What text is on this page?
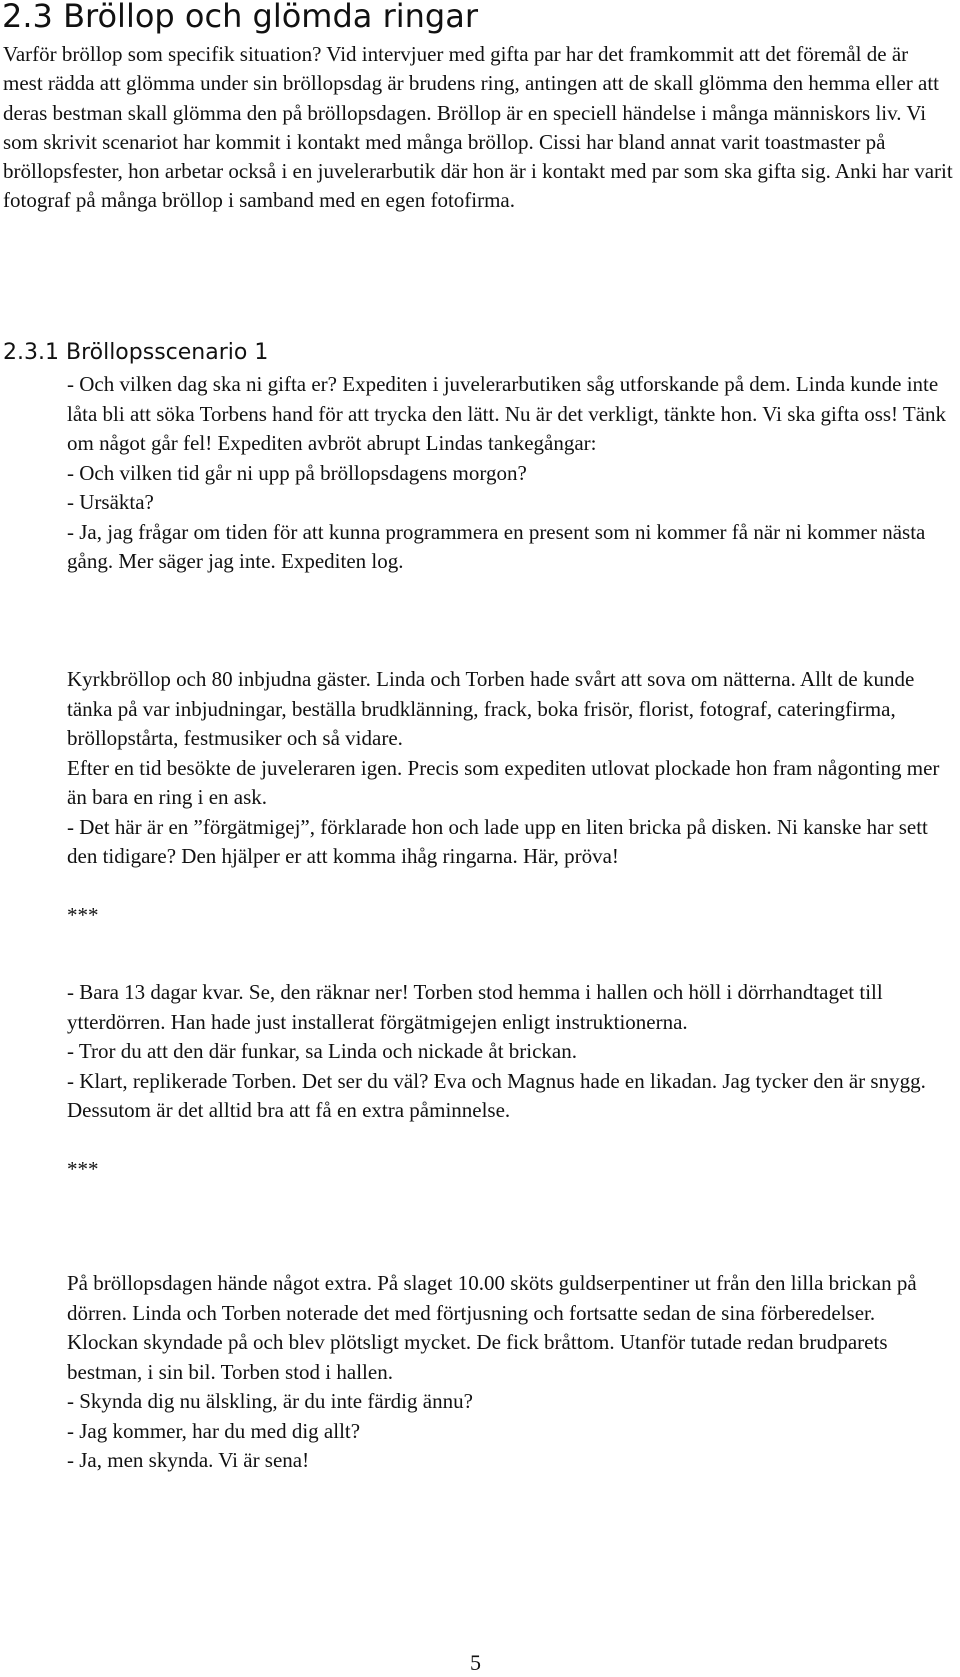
2.3 Bröllop och glömda ringar

Varför bröllop som specifik situation? Vid intervjuer med gifta par har det framkommit att det föremål de är mest rädda att glömma under sin bröllopsdag är brudens ring, antingen att de skall glömma den hemma eller att deras bestman skall glömma den på bröllopsdagen. Bröllop är en speciell händelse i många människors liv. Vi som skrivit scenariot har kommit i kontakt med många bröllop. Cissi har bland annat varit toastmaster på bröllopsfester, hon arbetar också i en juvelerarbutik där hon är i kontakt med par som ska gifta sig. Anki har varit fotograf på många bröllop i samband med en egen fotofirma.

2.3.1 Bröllopsscenario 1

- Och vilken dag ska ni gifta er? Expediten i juvelerarbutiken såg utforskande på dem. Linda kunde inte låta bli att söka Torbens hand för att trycka den lätt. Nu är det verkligt, tänkte hon. Vi ska gifta oss! Tänk om något går fel! Expediten avbröt abrupt Lindas tankegångar:

- Och vilken tid går ni upp på bröllopsdagens morgon?

- Ursäkta?

- Ja, jag frågar om tiden för att kunna programmera en present som ni kommer få när ni kommer nästa gång. Mer säger jag inte. Expediten log.

Kyrkbröllop och 80 inbjudna gäster. Linda och Torben hade svårt att sova om nätterna. Allt de kunde tänka på var inbjudningar, beställa brudklänning, frack, boka frisör, florist, fotograf, cateringfirma, bröllopstårta, festmusiker och så vidare.

Efter en tid besökte de juveleraren igen. Precis som expediten utlovat plockade hon fram någonting mer än bara en ring i en ask.

- Det här är en ”förgätmigej”, förklarade hon och lade upp en liten bricka på disken. Ni kanske har sett den tidigare? Den hjälper er att komma ihåg ringarna. Här, pröva!

***

- Bara 13 dagar kvar. Se, den räknar ner! Torben stod hemma i hallen och höll i dörrhandtaget till ytterdörren. Han hade just installerat förgätmigejen enligt instruktionerna.

- Tror du att den där funkar, sa Linda och nickade åt brickan.

- Klart, replikerade Torben. Det ser du väl? Eva och Magnus hade en likadan. Jag tycker den är snygg. Dessutom är det alltid bra att få en extra påminnelse.

***

På bröllopsdagen hände något extra. På slaget 10.00 sköts guldserpentiner ut från den lilla brickan på dörren. Linda och Torben noterade det med förtjusning och fortsatte sedan de sina förberedelser. Klockan skyndade på och blev plötsligt mycket. De fick bråttom. Utanför tutade redan brudparets bestman, i sin bil. Torben stod i hallen.

- Skynda dig nu älskling, är du inte färdig ännu?

- Jag kommer, har du med dig allt?

- Ja, men skynda. Vi är sena!

5
